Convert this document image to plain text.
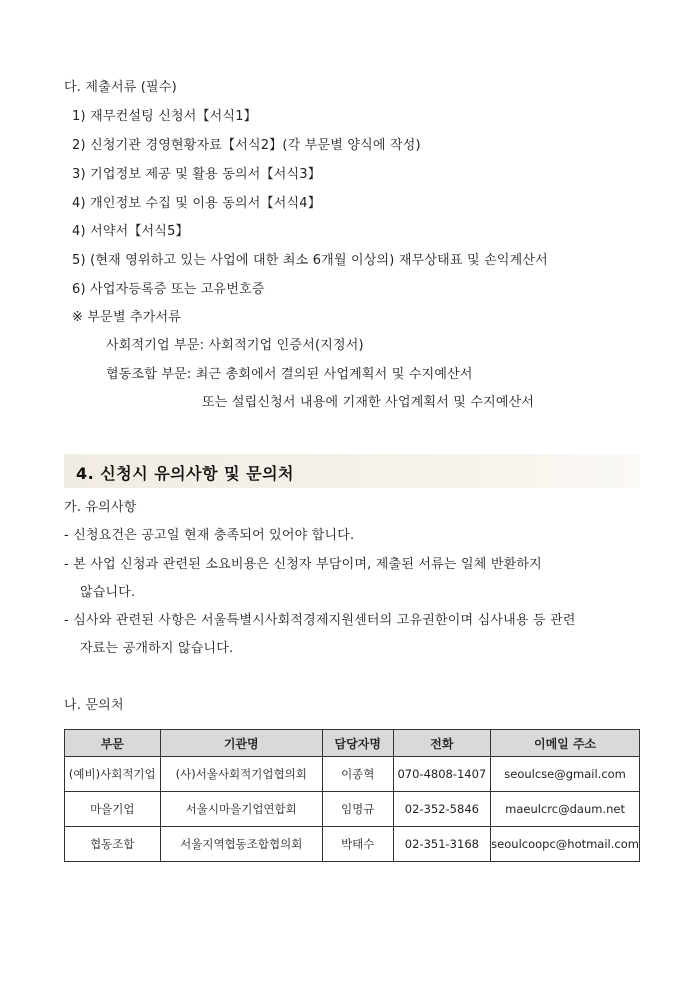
다. 제출서류 (필수)
1) 재무컨설팅 신청서【서식1】
2) 신청기관 경영현황자료【서식2】(각 부문별 양식에 작성)
3) 기업정보 제공 및 활용 동의서【서식3】
4) 개인정보 수집 및 이용 동의서【서식4】
4) 서약서【서식5】
5) (현재 영위하고 있는 사업에 대한 최소 6개월 이상의) 재무상태표 및 손익계산서
6) 사업자등록증 또는 고유번호증
※ 부문별 추가서류
사회적기업 부문: 사회적기업 인증서(지정서)
협동조합 부문: 최근 총회에서 결의된 사업계획서 및 수지예산서
또는 설립신청서 내용에 기재한 사업계획서 및 수지예산서
4. 신청시 유의사항 및 문의처
가. 유의사항
- 신청요건은 공고일 현재 충족되어 있어야 합니다.
- 본 사업 신청과 관련된 소요비용은 신청자 부담이며, 제출된 서류는 일체 반환하지
않습니다.
- 심사와 관련된 사항은 서울특별시사회적경제지원센터의 고유권한이며 심사내용 등 관련
자료는 공개하지 않습니다.
나. 문의처
부문	기관명	담당자명	전화	이메일 주소
(예비)사회적기업	(사)서울사회적기업협의회	이종혁	070-4808-1407	seoulcse@gmail.com
마을기업	서울시마을기업연합회	임명규	02-352-5846	maeulcrc@daum.net
협동조합	서울지역협동조합협의회	박태수	02-351-3168	seoulcoopc@hotmail.com
